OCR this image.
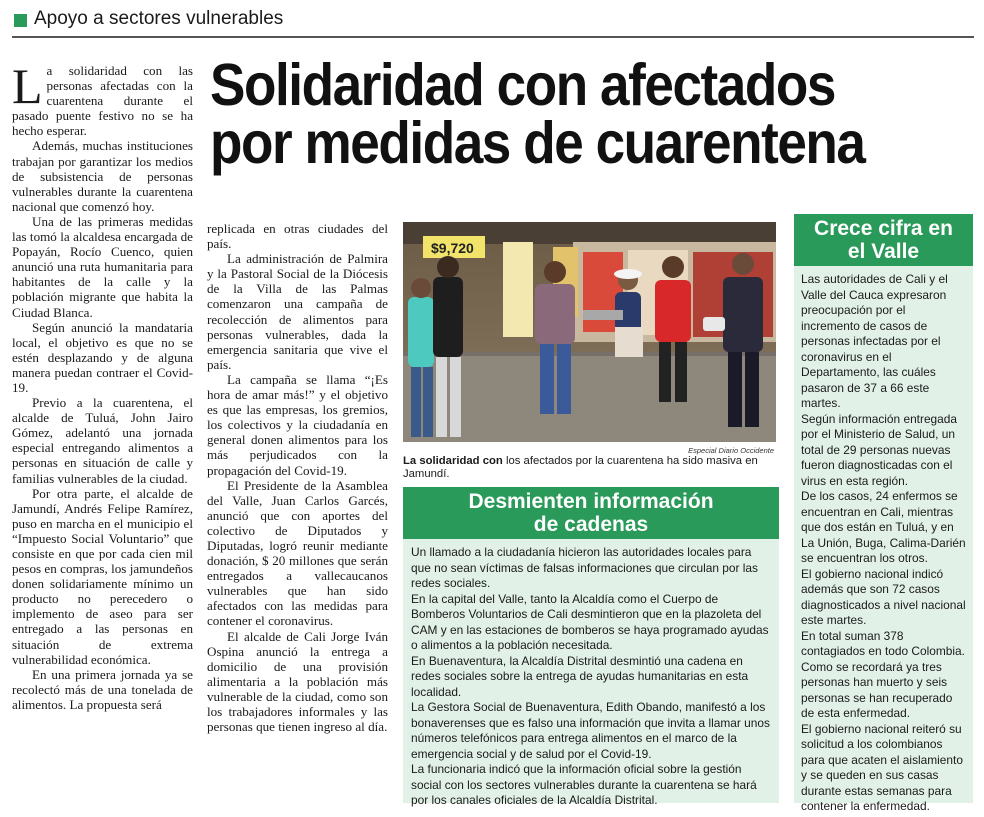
Apoyo a sectores vulnerables

La solidaridad con las personas afectadas con la cuarentena durante el pasado puente festivo no se ha hecho esperar.

Además, muchas instituciones trabajan por garantizar los medios de subsistencia de personas vulnerables durante la cuarentena nacional que comenzó hoy.

Una de las primeras medidas las tomó la alcaldesa encargada de Popayán, Rocío Cuenco, quien anunció una ruta humanitaria para habitantes de la calle y la población migrante que habita la Ciudad Blanca.

Según anunció la mandataria local, el objetivo es que no se estén desplazando y de alguna manera puedan contraer el Covid-19.

Previo a la cuarentena, el alcalde de Tuluá, John Jairo Gómez, adelantó una jornada especial entregando alimentos a personas en situación de calle y familias vulnerables de la ciudad.

Por otra parte, el alcalde de Jamundí, Andrés Felipe Ramírez, puso en marcha en el municipio el “Impuesto Social Voluntario” que consiste en que por cada cien mil pesos en compras, los jamundeños donen solidariamente mínimo un producto no perecedero o implemento de aseo para ser entregado a las personas en situación de extrema vulnerabilidad económica.

En una primera jornada ya se recolectó más de una tonelada de alimentos. La propuesta será

Solidaridad con afectados
por medidas de cuarentena

replicada en otras ciudades del país.

La administración de Palmira y la Pastoral Social de la Diócesis de la Villa de las Palmas comenzaron una campaña de recolección de alimentos para personas vulnerables, dada la emergencia sanitaria que vive el país.

La campaña se llama “¡Es hora de amar más!” y el objetivo es que las empresas, los gremios, los colectivos y la ciudadanía en general donen alimentos para los más perjudicados con la propagación del Covid-19.

El Presidente de la Asamblea del Valle, Juan Carlos Garcés, anunció que con aportes del colectivo de Diputados y Diputadas, logró reunir mediante donación, $ 20 millones que serán entregados a vallecaucanos vulnerables que han sido afectados con las medidas para contener el coronavirus.

El alcalde de Cali Jorge Iván Ospina anunció la entrega a domicilio de una provisión alimentaria a la población más vulnerable de la ciudad, como son los trabajadores informales y las personas que tienen ingreso al día.

$9,720
Especial Diario Occidente
La solidaridad con los afectados por la cuarentena ha sido masiva en Jamundí.
Desmienten información de cadenas

Un llamado a la ciudadanía hicieron las autoridades locales para que no sean víctimas de falsas informaciones que circulan por las redes sociales.

En la capital del Valle, tanto la Alcaldía como el Cuerpo de Bomberos Voluntarios de Cali desmintieron que en la plazoleta del CAM y en las estaciones de bomberos se haya programado ayudas o alimentos a la población necesitada.

En Buenaventura, la Alcaldía Distrital desmintió una cadena en redes sociales sobre la entrega de ayudas humanitarias en esta localidad.

La Gestora Social de Buenaventura, Edith Obando, manifestó a los bonaverenses que es falso una información que invita a llamar unos números telefónicos para entrega alimentos en el marco de la emergencia social y de salud por el Covid-19.

La funcionaria indicó que la información oficial sobre la gestión social con los sectores vulnerables durante la cuarentena se hará por los canales oficiales de la Alcaldía Distrital.

Crece cifra en el Valle

Las autoridades de Cali y el Valle del Cauca expresaron preocupación por el incremento de casos de personas infectadas por el coronavirus en el Departamento, las cuáles pasaron de 37 a 66 este martes.

Según información entregada por el Ministerio de Salud, un total de 29 personas nuevas fueron diagnosticadas con el virus en esta región.

De los casos, 24 enfermos se encuentran en Cali, mientras que dos están en Tuluá, y en La Unión, Buga, Calima-Darién se encuentran los otros.

El gobierno nacional indicó además que son 72 casos diagnosticados a nivel nacional este martes.

En total suman 378 contagiados en todo Colombia. Como se recordará ya tres personas han muerto y seis personas se han recuperado de esta enfermedad.

El gobierno nacional reiteró su solicitud a los colombianos para que acaten el aislamiento y se queden en sus casas durante estas semanas para contener la enfermedad.
